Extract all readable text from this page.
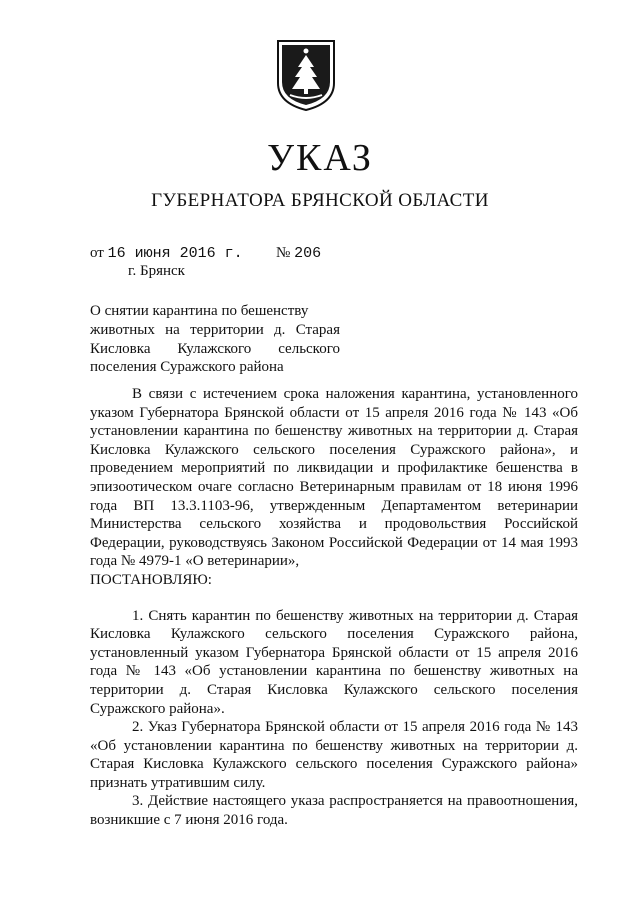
УКАЗ
ГУБЕРНАТОРА БРЯНСКОЙ ОБЛАСТИ
от 16 июня 2016 г. № 206
г. Брянск
О снятии карантина по бешенству
животных на территории д. Старая
Кисловка Кулажского сельского
поселения Суражского района

В связи с истечением срока наложения карантина, установленного указом Губернатора Брянской области от 15 апреля 2016 года № 143 «Об установлении карантина по бешенству животных на территории д. Старая Кисловка Кулажского сельского поселения Суражского района», и проведением мероприятий по ликвидации и профилактике бешенства в эпизоотическом очаге согласно Ветеринарным правилам от 18 июня 1996 года ВП 13.3.1103-96, утвержденным Департаментом ветеринарии Министерства сельского хозяйства и продовольствия Российской Федерации, руководствуясь Законом Российской Федерации от 14 мая 1993 года № 4979-1 «О ветеринарии»,

ПОСТАНОВЛЯЮ:

1. Снять карантин по бешенству животных на территории д. Старая Кисловка Кулажского сельского поселения Суражского района, установленный указом Губернатора Брянской области от 15 апреля 2016 года № 143 «Об установлении карантина по бешенству животных на территории д. Старая Кисловка Кулажского сельского поселения Суражского района».

2. Указ Губернатора Брянской области от 15 апреля 2016 года № 143 «Об установлении карантина по бешенству животных на территории д. Старая Кисловка Кулажского сельского поселения Суражского района» признать утратившим силу.

3. Действие настоящего указа распространяется на правоотношения, возникшие с 7 июня 2016 года.
